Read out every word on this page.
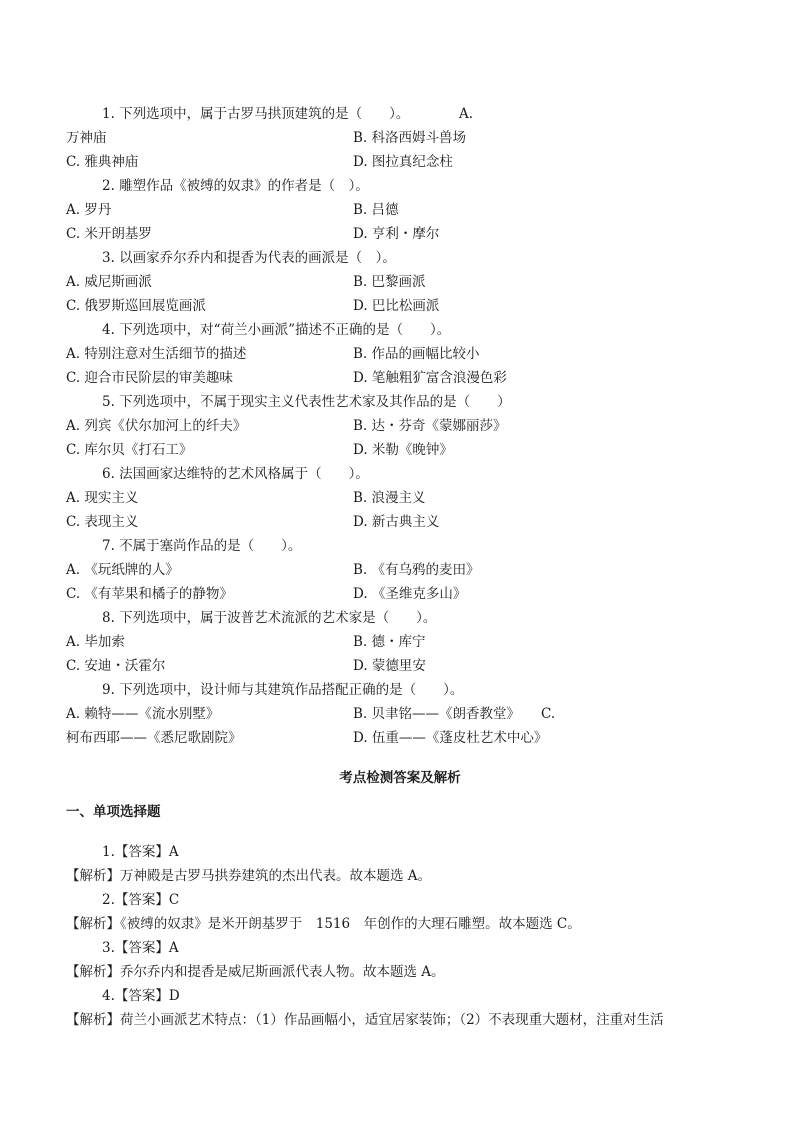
1. 下列选项中，属于古罗马拱顶建筑的是（　　）。	A.
万神庙	B. 科洛西姆斗兽场
C. 雅典神庙	D. 图拉真纪念柱
2. 雕塑作品《被缚的奴隶》的作者是（　）。
A. 罗丹	B. 吕德
C. 米开朗基罗	D. 亨利・摩尔
3. 以画家乔尔乔内和提香为代表的画派是（　）。
A. 威尼斯画派	B. 巴黎画派
C. 俄罗斯巡回展览画派	D. 巴比松画派
4. 下列选项中，对“荷兰小画派”描述不正确的是（　　）。
A. 特别注意对生活细节的描述	B. 作品的画幅比较小
C. 迎合市民阶层的审美趣味	D. 笔触粗犷富含浪漫色彩
5. 下列选项中，不属于现实主义代表性艺术家及其作品的是（　　）
A. 列宾《伏尔加河上的纤夫》	B. 达・芬奇《蒙娜丽莎》
C. 库尔贝《打石工》	D. 米勒《晚钟》
6. 法国画家达维特的艺术风格属于（　　）。
A. 现实主义	B. 浪漫主义
C. 表现主义	D. 新古典主义
7. 不属于塞尚作品的是（　　）。
A. 《玩纸牌的人》	B. 《有乌鸦的麦田》
C. 《有苹果和橘子的静物》	D. 《圣维克多山》
8. 下列选项中，属于波普艺术流派的艺术家是（　　）。
A. 毕加索	B. 德・库宁
C. 安迪・沃霍尔	D. 蒙德里安
9. 下列选项中，设计师与其建筑作品搭配正确的是（　　）。
A. 赖特——《流水别墅》	B. 贝聿铭——《朗香教堂》 C.
柯布西耶——《悉尼歌剧院》	D. 伍重——《蓬皮杜艺术中心》
考点检测答案及解析
一、单项选择题
1.【答案】A
【解析】万神殿是古罗马拱券建筑的杰出代表。故本题选 A。
2.【答案】C
【解析】《被缚的奴隶》是米开朗基罗于　1516　年创作的大理石雕塑。故本题选 C。
3.【答案】A
【解析】乔尔乔内和提香是威尼斯画派代表人物。故本题选 A。
4.【答案】D
【解析】荷兰小画派艺术特点：（1）作品画幅小，适宜居家装饰；（2）不表现重大题材，注重对生活
